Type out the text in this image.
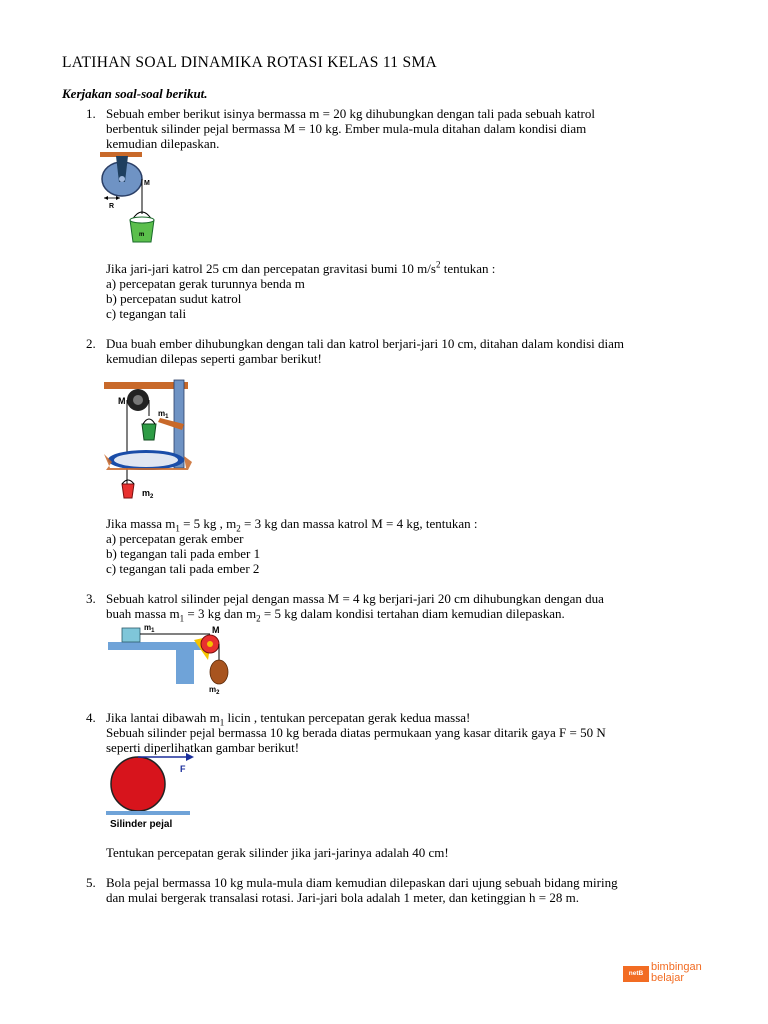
LATIHAN SOAL DINAMIKA ROTASI KELAS 11 SMA
Kerjakan soal-soal berikut.
1. Sebuah ember berikut isinya bermassa m = 20 kg dihubungkan dengan tali pada sebuah katrol
berbentuk silinder pejal bermassa M = 10 kg. Ember mula-mula ditahan dalam kondisi diam
kemudian dilepaskan.
M
R
m
Jika jari-jari katrol 25 cm dan percepatan gravitasi bumi 10 $m/s^2$ tentukan :
a) percepatan gerak turunnya benda m
b) percepatan sudut katrol
c) tegangan tali
2. Dua buah ember dihubungkan dengan tali dan katrol berjari-jari 10 cm, ditahan dalam kondisi diam
kemudian dilepas seperti gambar berikut!
M
$m_1$
$m_2$
Jika massa $m_1 = 5$ kg , $m_2 = 3$ kg dan massa katrol M = 4 kg, tentukan :
a) percepatan gerak ember
b) tegangan tali pada ember 1
c) tegangan tali pada ember 2
3. Sebuah katrol silinder pejal dengan massa M = 4 kg berjari-jari 20 cm dihubungkan dengan dua
buah massa $m_1 = 3$ kg dan $m_2 = 5$ kg dalam kondisi tertahan diam kemudian dilepaskan.
$m_1$	M
$m_2$
4. Jika lantai dibawah $m_1$ licin , tentukan percepatan gerak kedua massa!
Sebuah silinder pejal bermassa 10 kg berada diatas permukaan yang kasar ditarik gaya F = 50 N
seperti diperlihatkan gambar berikut!
F
Silinder pejal
Tentukan percepatan gerak silinder jika jari-jarinya adalah 40 cm!
5. Bola pejal bermassa 10 kg mula-mula diam kemudian dilepaskan dari ujung sebuah bidang miring
dan mulai bergerak transalasi rotasi. Jari-jari bola adalah 1 meter, dan ketinggian h = 28 m.
netB
bimbingan
belajar
